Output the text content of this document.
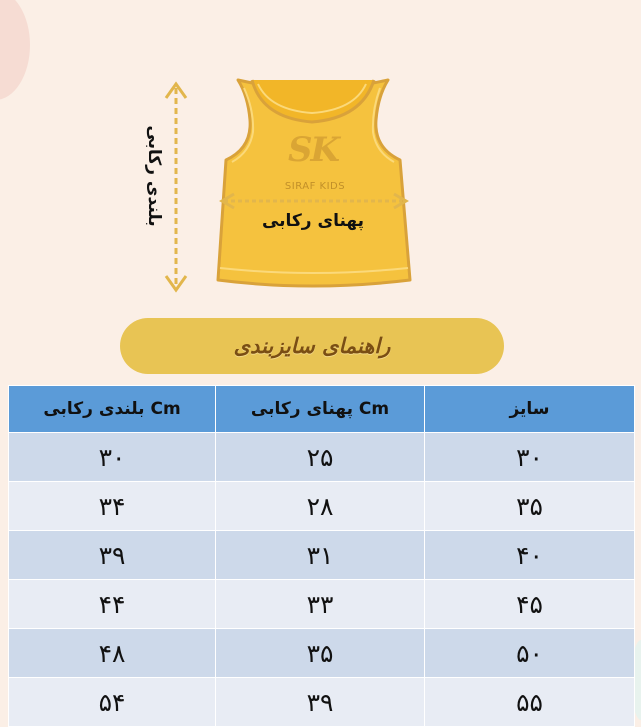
SK
SIRAF KIDS
بلندی رکابی	پهنای رکابی
راهنمای سایزبندی
بلندی رکابی Cm	پهنای رکابی Cm	سایز
۳۰	۲۵	۳۰
۳۴	۲۸	۳۵
۳۹	۳۱	۴۰
۴۴	۳۳	۴۵
۴۸	۳۵	۵۰
۵۴	۳۹	۵۵
